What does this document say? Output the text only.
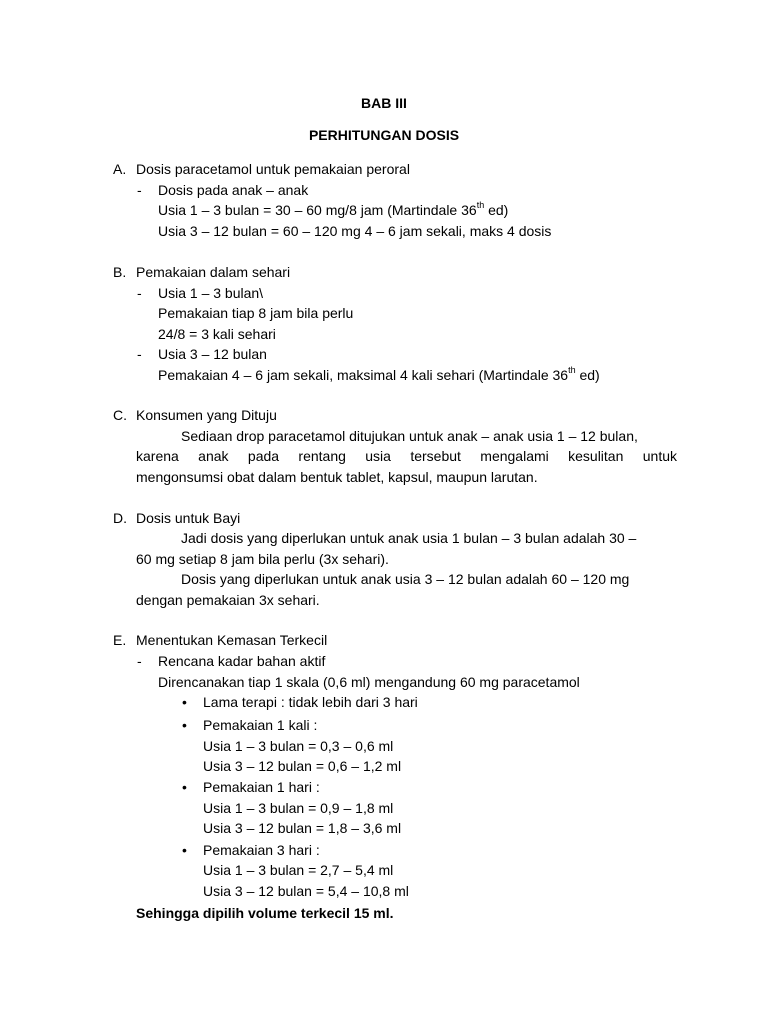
BAB III
PERHITUNGAN DOSIS
A. Dosis paracetamol untuk pemakaian peroral
- Dosis pada anak – anak
Usia 1 – 3 bulan = 30 – 60 mg/8 jam (Martindale 36th ed)
Usia 3 – 12 bulan = 60 – 120 mg 4 – 6 jam sekali, maks 4 dosis
B. Pemakaian dalam sehari
- Usia 1 – 3 bulan\
Pemakaian tiap 8 jam bila perlu
24/8 = 3 kali sehari
- Usia 3 – 12 bulan
Pemakaian 4 – 6 jam sekali, maksimal 4 kali sehari (Martindale 36th ed)
C. Konsumen yang Dituju
Sediaan drop paracetamol ditujukan untuk anak – anak usia 1 – 12 bulan,
karena anak pada rentang usia tersebut mengalami kesulitan untuk
mengonsumsi obat dalam bentuk tablet, kapsul, maupun larutan.
D. Dosis untuk Bayi
Jadi dosis yang diperlukan untuk anak usia 1 bulan – 3 bulan adalah 30 –
60 mg setiap 8 jam bila perlu (3x sehari).
Dosis yang diperlukan untuk anak usia 3 – 12 bulan adalah 60 – 120 mg
dengan pemakaian 3x sehari.
E. Menentukan Kemasan Terkecil
- Rencana kadar bahan aktif
Direncanakan tiap 1 skala (0,6 ml) mengandung 60 mg paracetamol
• Lama terapi : tidak lebih dari 3 hari
• Pemakaian 1 kali :
Usia 1 – 3 bulan = 0,3 – 0,6 ml
Usia 3 – 12 bulan = 0,6 – 1,2 ml
• Pemakaian 1 hari :
Usia 1 – 3 bulan = 0,9 – 1,8 ml
Usia 3 – 12 bulan = 1,8 – 3,6 ml
• Pemakaian 3 hari :
Usia 1 – 3 bulan = 2,7 – 5,4 ml
Usia 3 – 12 bulan = 5,4 – 10,8 ml
Sehingga dipilih volume terkecil 15 ml.
